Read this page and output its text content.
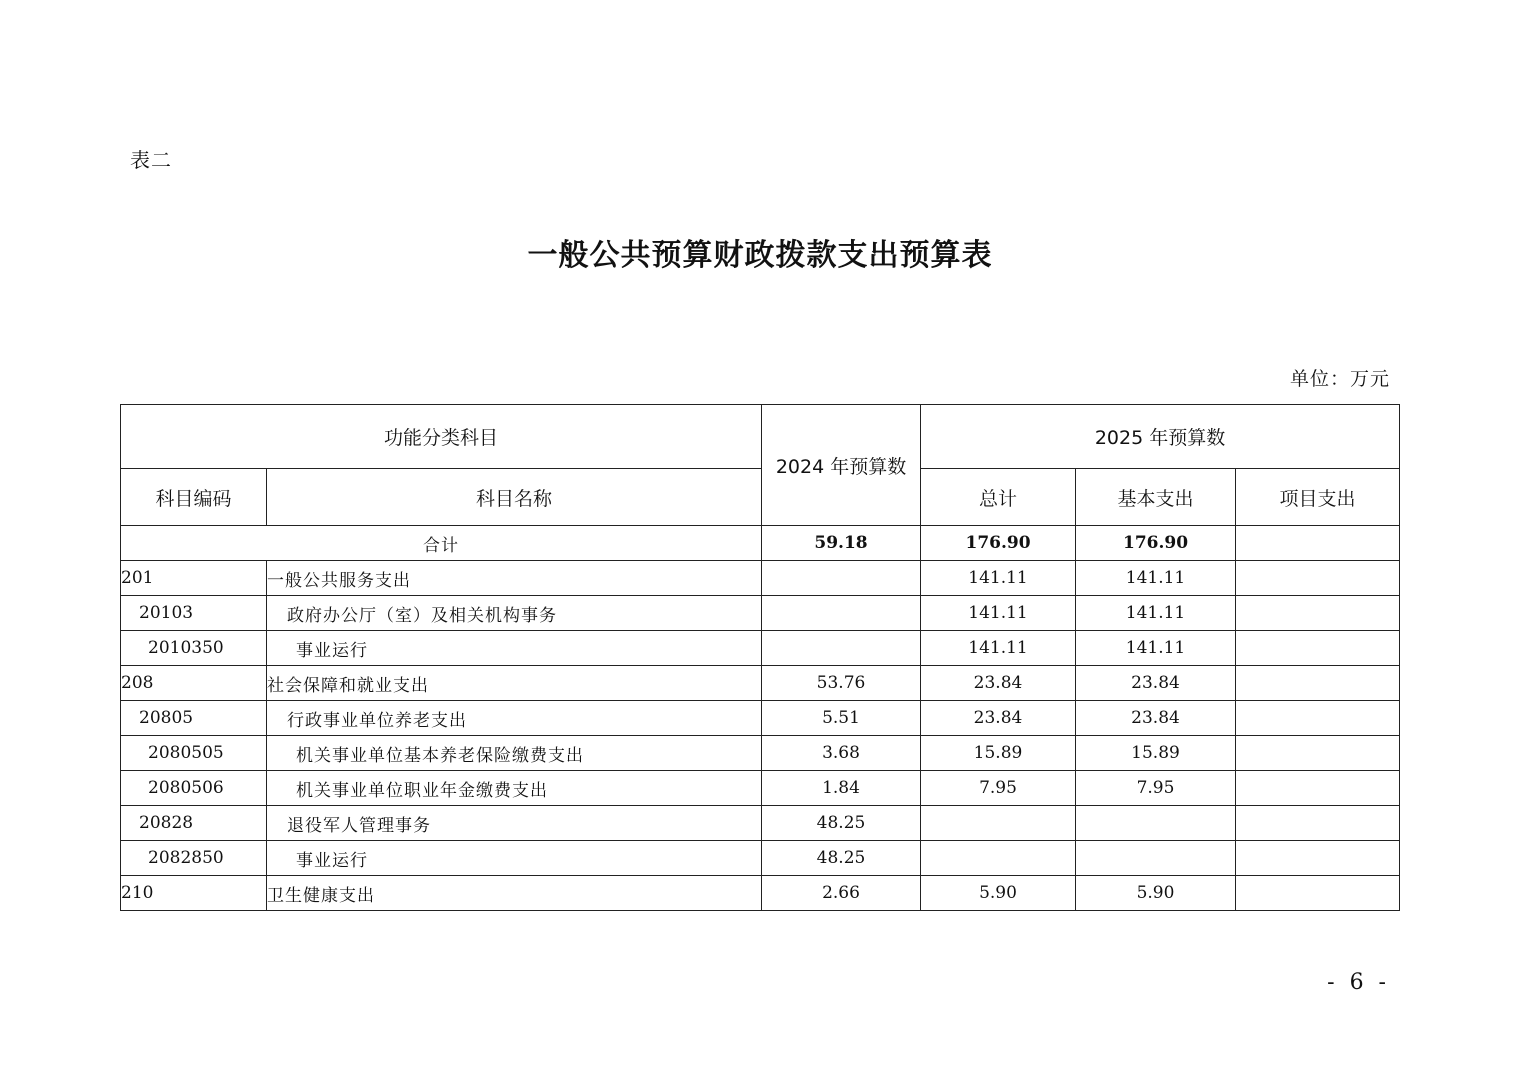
表二
一般公共预算财政拨款支出预算表
单位：万元
功能分类科目		2024 年预算数	2025 年预算数		
科目编码	科目名称		总计	基本支出	项目支出
合计		59.18	176.90	176.90	
201	一般公共服务支出		141.11	141.11	
20103	政府办公厅（室）及相关机构事务		141.11	141.11	
2010350	事业运行		141.11	141.11	
208	社会保障和就业支出	53.76	23.84	23.84	
20805	行政事业单位养老支出	5.51	23.84	23.84	
2080505	机关事业单位基本养老保险缴费支出	3.68	15.89	15.89	
2080506	机关事业单位职业年金缴费支出	1.84	7.95	7.95	
20828	退役军人管理事务	48.25			
2082850	事业运行	48.25			
210	卫生健康支出	2.66	5.90	5.90	
- 6 -
